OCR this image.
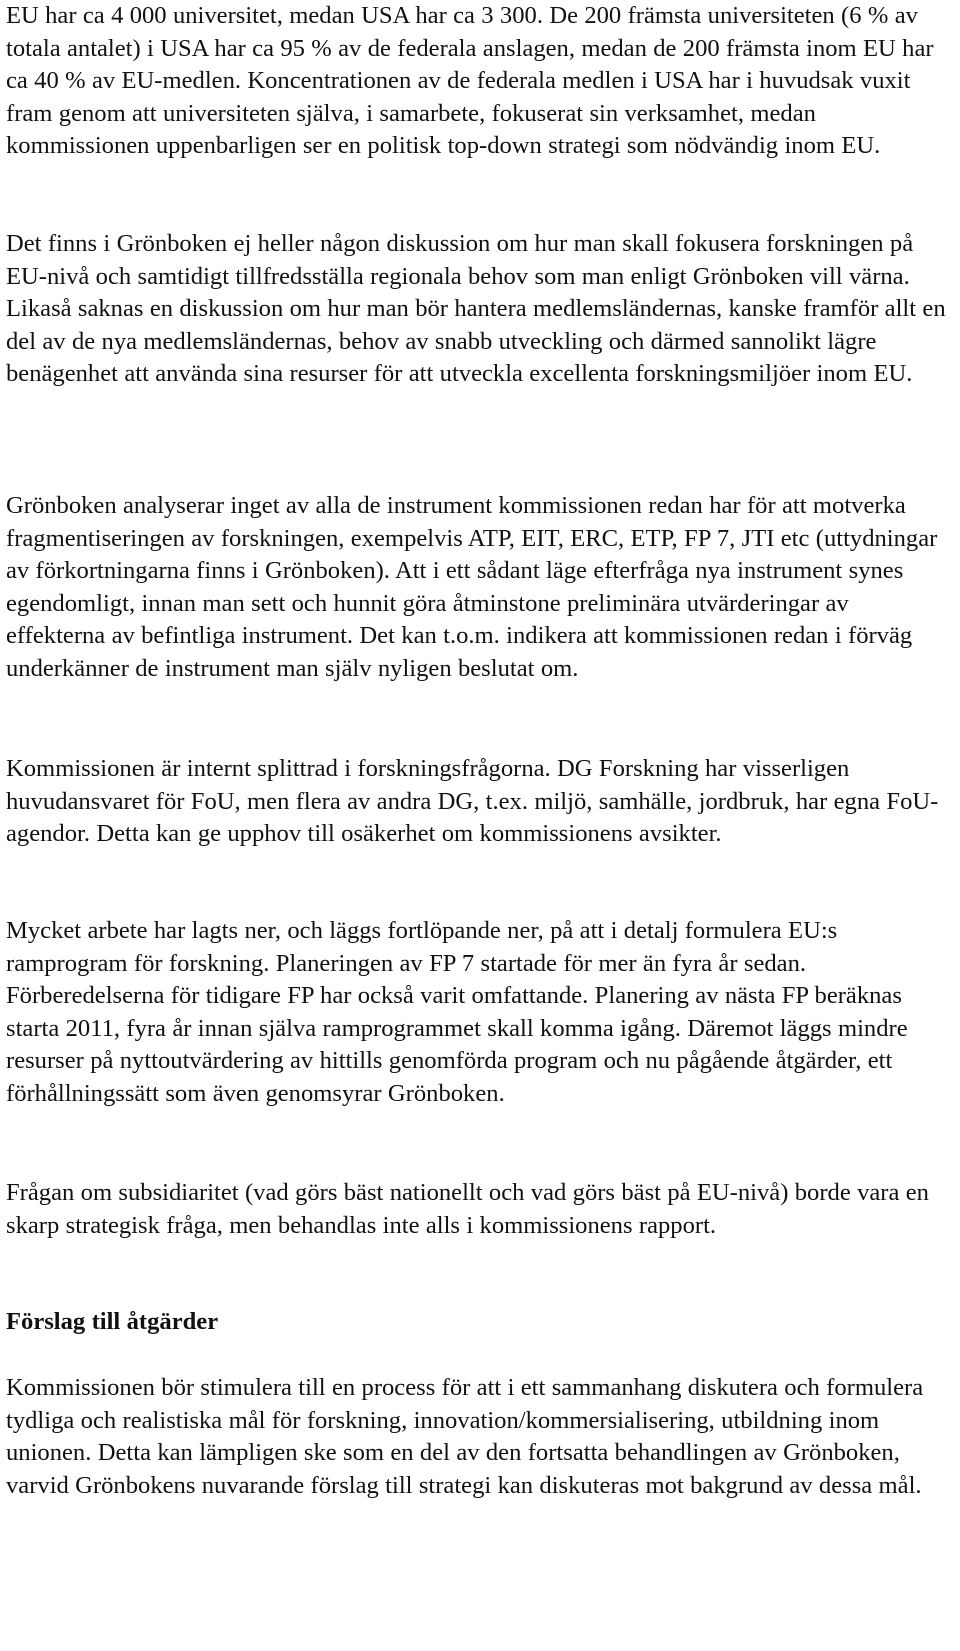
EU har ca 4 000 universitet, medan USA har ca 3 300. De 200 främsta universiteten (6 % av totala antalet) i USA har ca 95 % av de federala anslagen, medan de 200 främsta inom EU har ca 40 % av EU-medlen. Koncentrationen av de federala medlen i USA har i huvudsak vuxit fram genom att universiteten själva, i samarbete, fokuserat sin verksamhet, medan kommissionen uppenbarligen ser en politisk top-down strategi som nödvändig inom EU.

Det finns i Grönboken ej heller någon diskussion om hur man skall fokusera forskningen på EU-nivå och samtidigt tillfredsställa regionala behov som man enligt Grönboken vill värna. Likaså saknas en diskussion om hur man bör hantera medlemsländernas, kanske framför allt en del av de nya medlemsländernas, behov av snabb utveckling och därmed sannolikt lägre benägenhet att använda sina resurser för att utveckla excellenta forskningsmiljöer inom EU.

Grönboken analyserar inget av alla de instrument kommissionen redan har för att motverka fragmentiseringen av forskningen, exempelvis ATP, EIT, ERC, ETP, FP 7, JTI etc (uttydningar av förkortningarna finns i Grönboken). Att i ett sådant läge efterfråga nya instrument synes egendomligt, innan man sett och hunnit göra åtminstone preliminära utvärderingar av effekterna av befintliga instrument. Det kan t.o.m. indikera att kommissionen redan i förväg underkänner de instrument man själv nyligen beslutat om.

Kommissionen är internt splittrad i forskningsfrågorna. DG Forskning har visserligen huvudansvaret för FoU, men flera av andra DG, t.ex. miljö, samhälle, jordbruk, har egna FoU-agendor. Detta kan ge upphov till osäkerhet om kommissionens avsikter.

Mycket arbete har lagts ner, och läggs fortlöpande ner, på att i detalj formulera EU:s ramprogram för forskning. Planeringen av FP 7 startade för mer än fyra år sedan. Förberedelserna för tidigare FP har också varit omfattande. Planering av nästa FP beräknas starta 2011, fyra år innan själva ramprogrammet skall komma igång. Däremot läggs mindre resurser på nyttoutvärdering av hittills genomförda program och nu pågående åtgärder, ett förhållningssätt som även genomsyrar Grönboken.

Frågan om subsidiaritet (vad görs bäst nationellt och vad görs bäst på EU-nivå) borde vara en skarp strategisk fråga, men behandlas inte alls i kommissionens rapport.

Förslag till åtgärder

Kommissionen bör stimulera till en process för att i ett sammanhang diskutera och formulera tydliga och realistiska mål för forskning, innovation/kommersialisering, utbildning inom unionen. Detta kan lämpligen ske som en del av den fortsatta behandlingen av Grönboken, varvid Grönbokens nuvarande förslag till strategi kan diskuteras mot bakgrund av dessa mål.
